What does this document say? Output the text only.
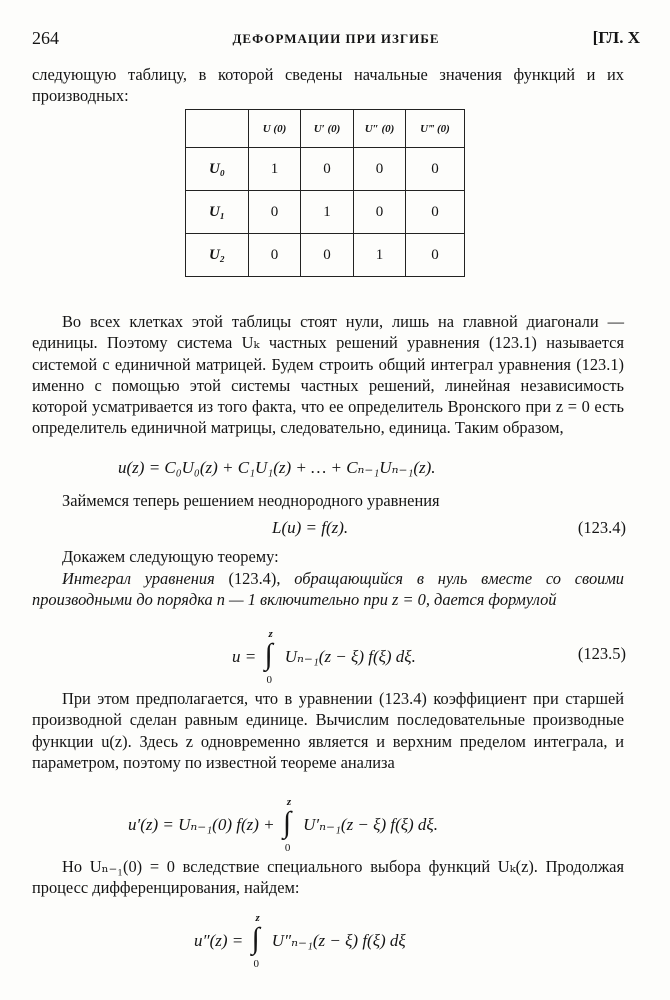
264	ДЕФОРМАЦИИ ПРИ ИЗГИБЕ	[ГЛ. X
следующую таблицу, в которой сведены начальные значения функций и их производных:
	U (0)	U′ (0)	U″ (0)	U‴ (0)
U₀	1	0	0	0
U₁	0	1	0	0
U₂	0	0	1	0
Во всех клетках этой таблицы стоят нули, лишь на главной диагонали — единицы. Поэтому система Uₖ частных решений уравнения (123.1) называется системой с единичной матрицей. Будем строить общий интеграл уравнения (123.1) именно с помощью этой системы частных решений, линейная независимость которой усматривается из того факта, что ее определитель Вронского при z = 0 есть определитель единичной матрицы, следовательно, единица. Таким образом,
u(z) = C₀U₀(z) + C₁U₁(z) + … + Cₙ₋₁Uₙ₋₁(z).
Займемся теперь решением неоднородного уравнения
L(u) = f(z).	(123.4)
Докажем следующую теорему:
Интеграл уравнения (123.4), обращающийся в нуль вместе со своими производными до порядка n — 1 включительно при z = 0, дается формулой
u = ∫
z
0
Uₙ₋₁(z − ξ) f(ξ) dξ.	(123.5)
При этом предполагается, что в уравнении (123.4) коэффициент при старшей производной сделан равным единице. Вычислим последовательные производные функции u(z). Здесь z одновременно является и верхним пределом интеграла, и параметром, поэтому по известной теореме анализа
u′(z) = Uₙ₋₁(0) f(z) + ∫
z
0
U′ₙ₋₁(z − ξ) f(ξ) dξ.
Но Uₙ₋₁(0) = 0 вследствие специального выбора функций Uₖ(z). Продолжая процесс дифференцирования, найдем:
u″(z) = ∫
z
0
U″ₙ₋₁(z − ξ) f(ξ) dξ
